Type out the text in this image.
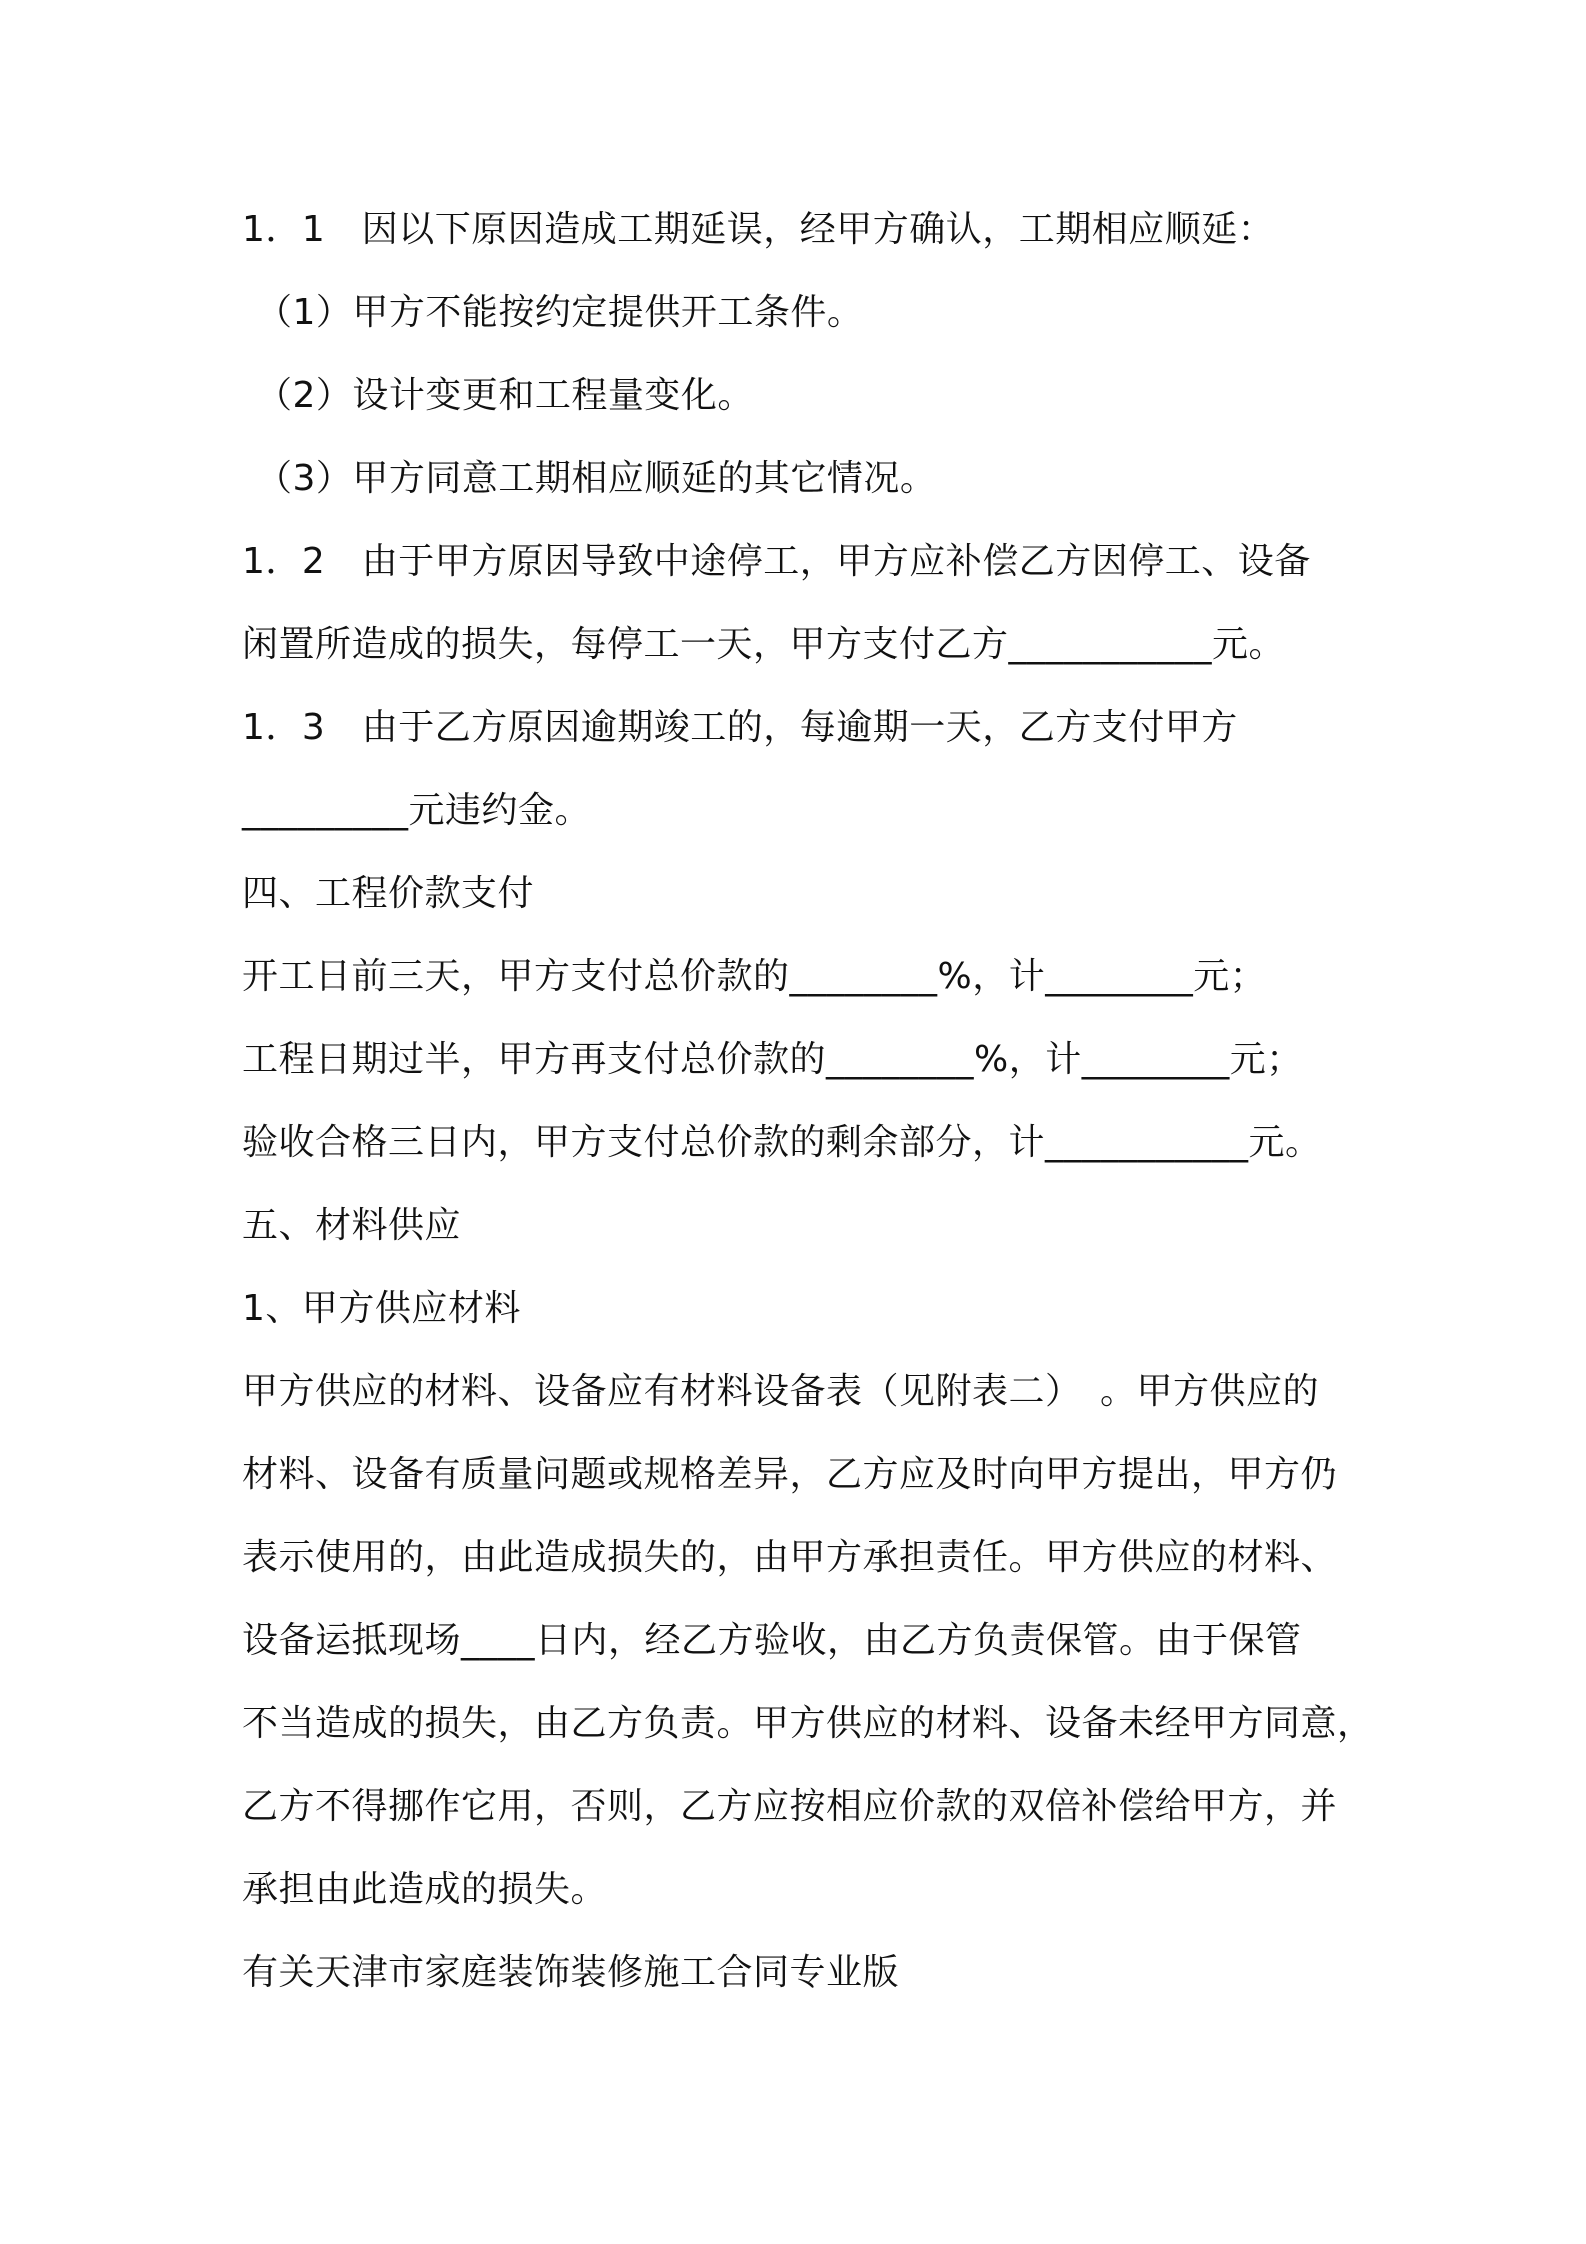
1．1　因以下原因造成工期延误，经甲方确认，工期相应顺延：
（1）甲方不能按约定提供开工条件。
（2）设计变更和工程量变化。
（3）甲方同意工期相应顺延的其它情况。
1．2　由于甲方原因导致中途停工，甲方应补偿乙方因停工、设备
闲置所造成的损失，每停工一天，甲方支付乙方___________元。
1．3　由于乙方原因逾期竣工的，每逾期一天，乙方支付甲方
_________元违约金。
四、工程价款支付
开工日前三天，甲方支付总价款的________%，计________元；
工程日期过半，甲方再支付总价款的________%，计________元；
验收合格三日内，甲方支付总价款的剩余部分，计___________元。
五、材料供应
1、甲方供应材料
甲方供应的材料、设备应有材料设备表（见附表二）　。甲方供应的
材料、设备有质量问题或规格差异，乙方应及时向甲方提出，甲方仍
表示使用的，由此造成损失的，由甲方承担责任。甲方供应的材料、
设备运抵现场____日内，经乙方验收，由乙方负责保管。由于保管
不当造成的损失，由乙方负责。甲方供应的材料、设备未经甲方同意，
乙方不得挪作它用，否则，乙方应按相应价款的双倍补偿给甲方，并
承担由此造成的损失。
有关天津市家庭装饰装修施工合同专业版
